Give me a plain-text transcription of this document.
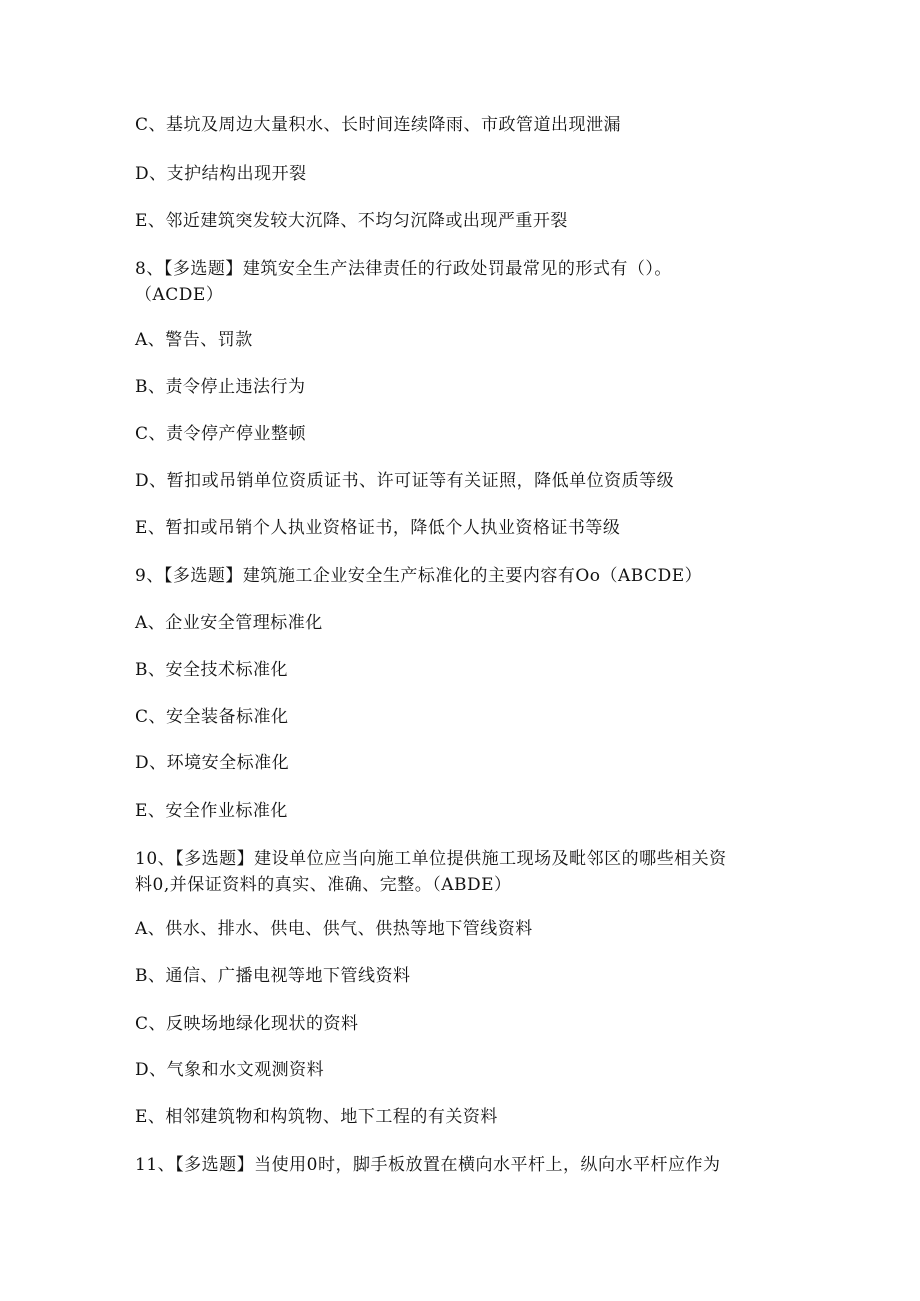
C、基坑及周边大量积水、长时间连续降雨、市政管道出现泄漏
D、支护结构出现开裂
E、邻近建筑突发较大沉降、不均匀沉降或出现严重开裂
8、【多选题】建筑安全生产法律责任的行政处罚最常见的形式有（）。
（ACDE）
A、警告、罚款
B、责令停止违法行为
C、责令停产停业整顿
D、暂扣或吊销单位资质证书、许可证等有关证照，降低单位资质等级
E、暂扣或吊销个人执业资格证书，降低个人执业资格证书等级
9、【多选题】建筑施工企业安全生产标准化的主要内容有Oo（ABCDE）
A、企业安全管理标准化
B、安全技术标准化
C、安全装备标准化
D、环境安全标准化
E、安全作业标准化
10、【多选题】建设单位应当向施工单位提供施工现场及毗邻区的哪些相关资
料0,并保证资料的真实、准确、完整。（ABDE）
A、供水、排水、供电、供气、供热等地下管线资料
B、通信、广播电视等地下管线资料
C、反映场地绿化现状的资料
D、气象和水文观测资料
E、相邻建筑物和构筑物、地下工程的有关资料
11、【多选题】当使用0时，脚手板放置在横向水平杆上，纵向水平杆应作为
